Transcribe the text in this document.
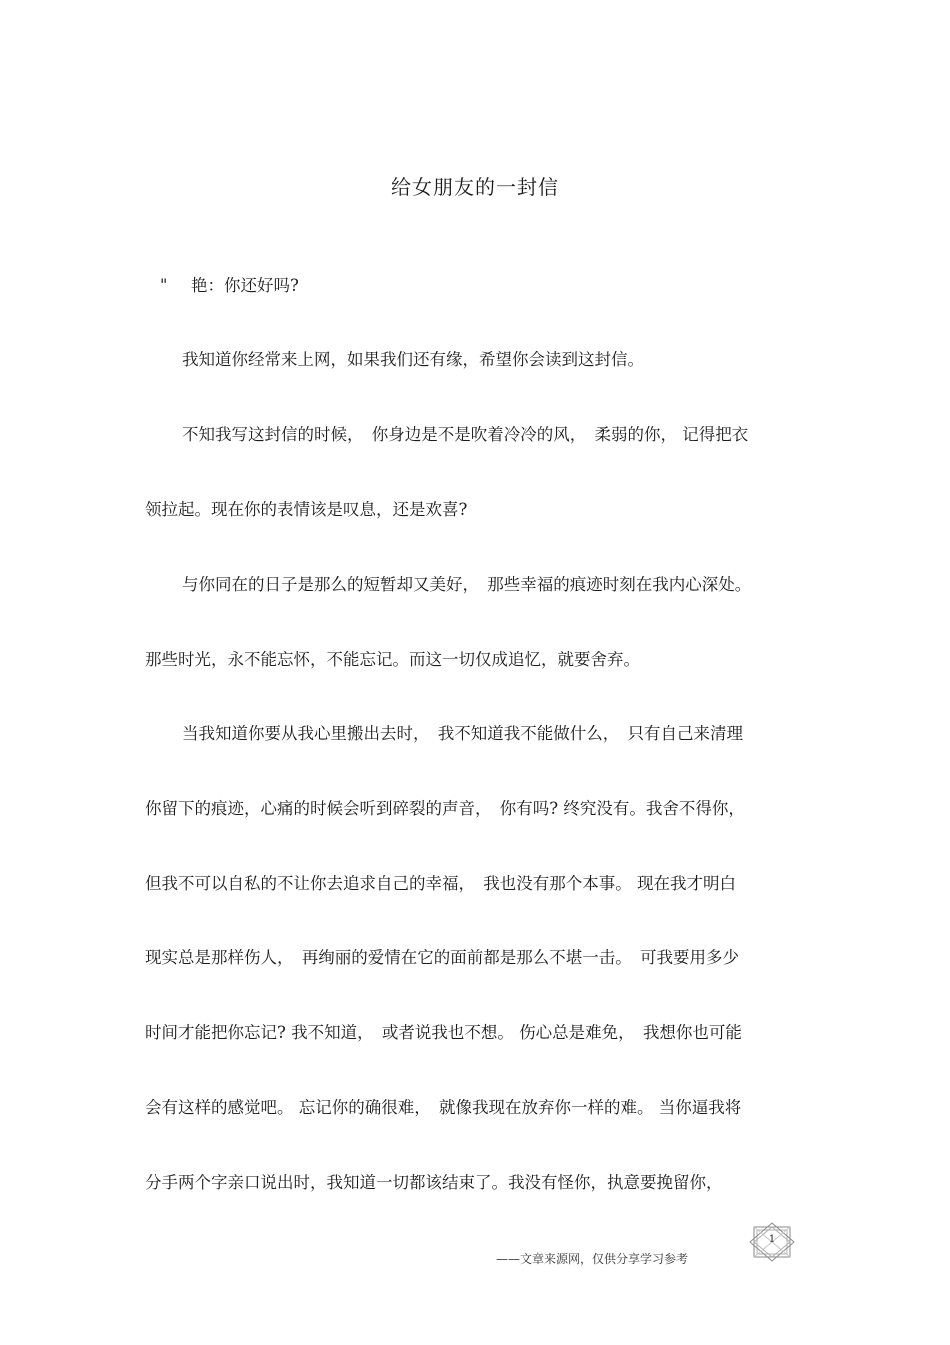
给女朋友的一封信
" 艳：你还好吗?
我知道你经常来上网，如果我们还有缘，希望你会读到这封信。
不知我写这封信的时候，　你身边是不是吹着冷冷的风，　柔弱的你， 记得把衣
领拉起。现在你的表情该是叹息，还是欢喜?
与你同在的日子是那么的短暂却又美好，　那些幸福的痕迹时刻在我内心深处。
那些时光，永不能忘怀，不能忘记。而这一切仅成追忆，就要舍弃。
当我知道你要从我心里搬出去时，　我不知道我不能做什么，　只有自己来清理
你留下的痕迹，心痛的时候会听到碎裂的声音，　你有吗? 终究没有。我舍不得你，
但我不可以自私的不让你去追求自己的幸福，　我也没有那个本事。 现在我才明白
现实总是那样伤人，　再绚丽的爱情在它的面前都是那么不堪一击。　可我要用多少
时间才能把你忘记? 我不知道，　或者说我也不想。 伤心总是难免，　我想你也可能
会有这样的感觉吧。 忘记你的确很难，　就像我现在放弃你一样的难。 当你逼我将
分手两个字亲口说出时，我知道一切都该结束了。我没有怪你，执意要挽留你，
1
——文章来源网，仅供分享学习参考
